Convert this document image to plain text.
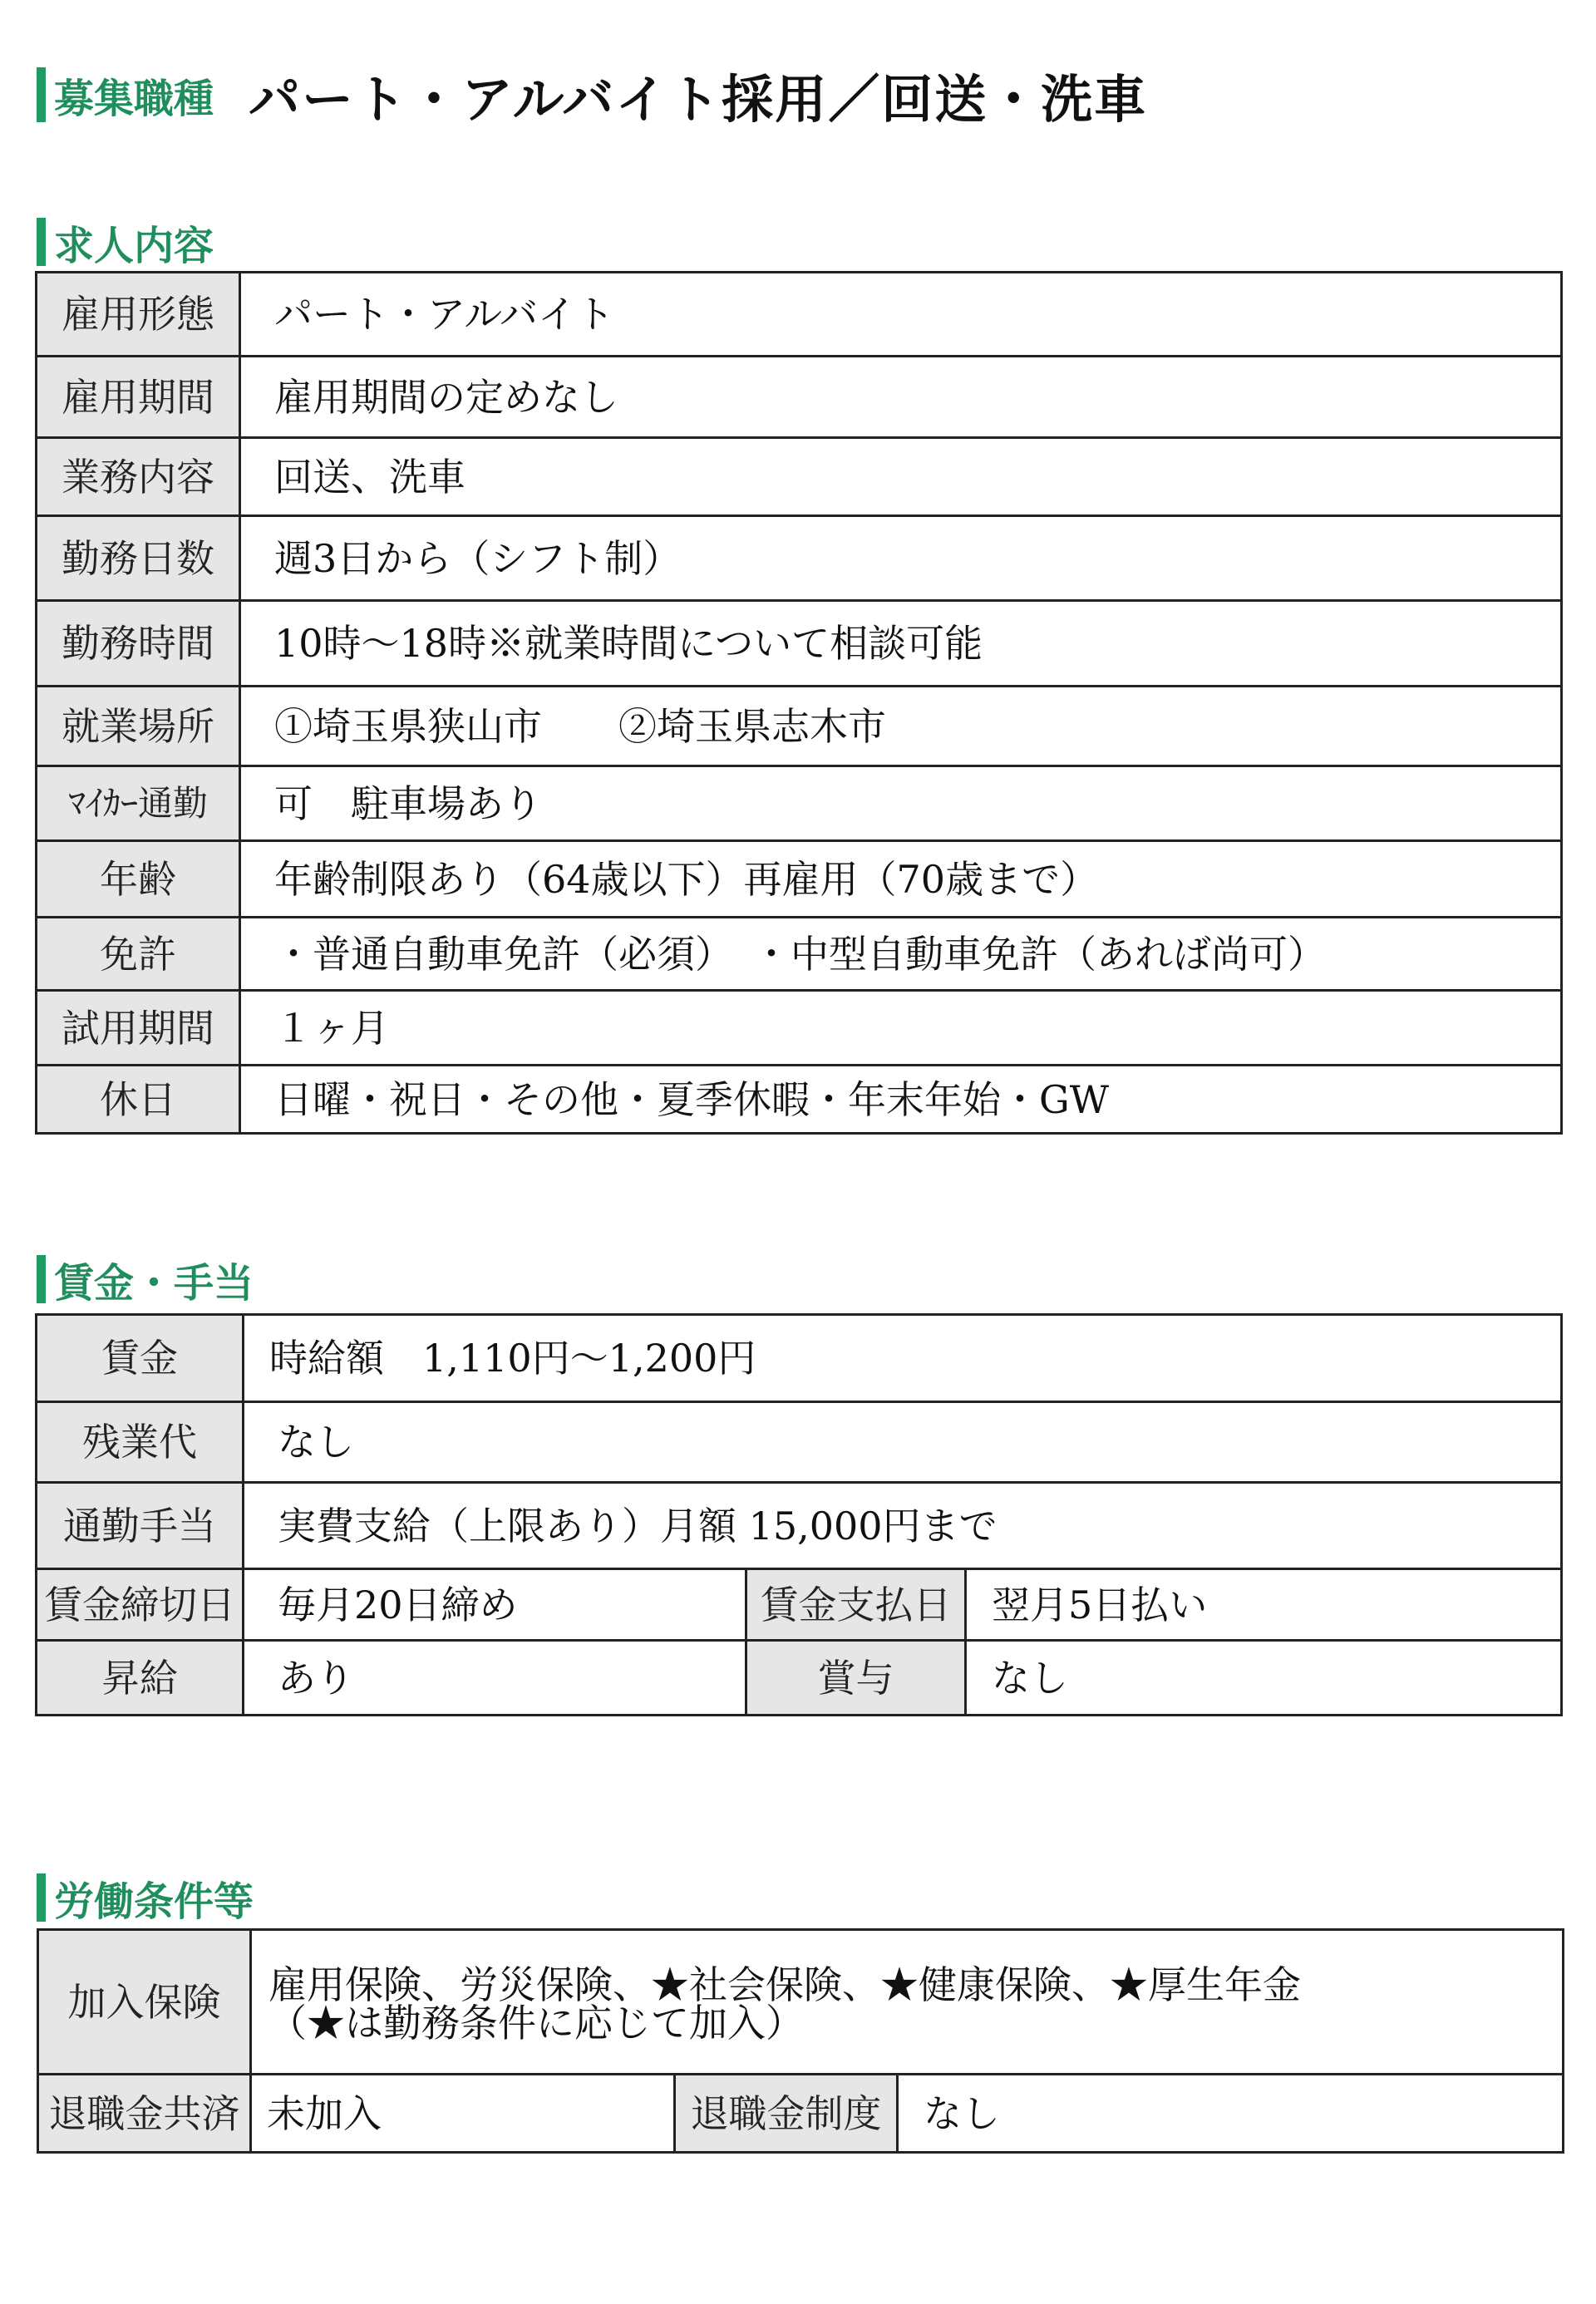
募集職種 パート・アルバイト採用／回送・洗車
求人内容
雇用形態	パート・アルバイト
雇用期間	雇用期間の定めなし
業務内容	回送、洗車
勤務日数	週3日から（シフト制）
勤務時間	10時～18時※就業時間について相談可能
就業場所	①埼玉県狭山市　　②埼玉県志木市
ﾏｲｶｰ通勤	可　駐車場あり
年齢	年齢制限あり（64歳以下）再雇用（70歳まで）
免許	・普通自動車免許（必須）　・中型自動車免許（あれば尚可）
試用期間	１ヶ月
休日	日曜・祝日・その他・夏季休暇・年末年始・GW
賃金・手当
賃金	時給額　1,110円～1,200円		
残業代	なし		
通勤手当	実費支給（上限あり）月額 15,000円まで		
賃金締切日	毎月20日締め	賃金支払日	翌月5日払い
昇給	あり	賞与	なし
労働条件等
加入保険	雇用保険、労災保険、★社会保険、★健康保険、★厚生年金
（★は勤務条件に応じて加入）		

退職金共済	未加入	退職金制度	なし
